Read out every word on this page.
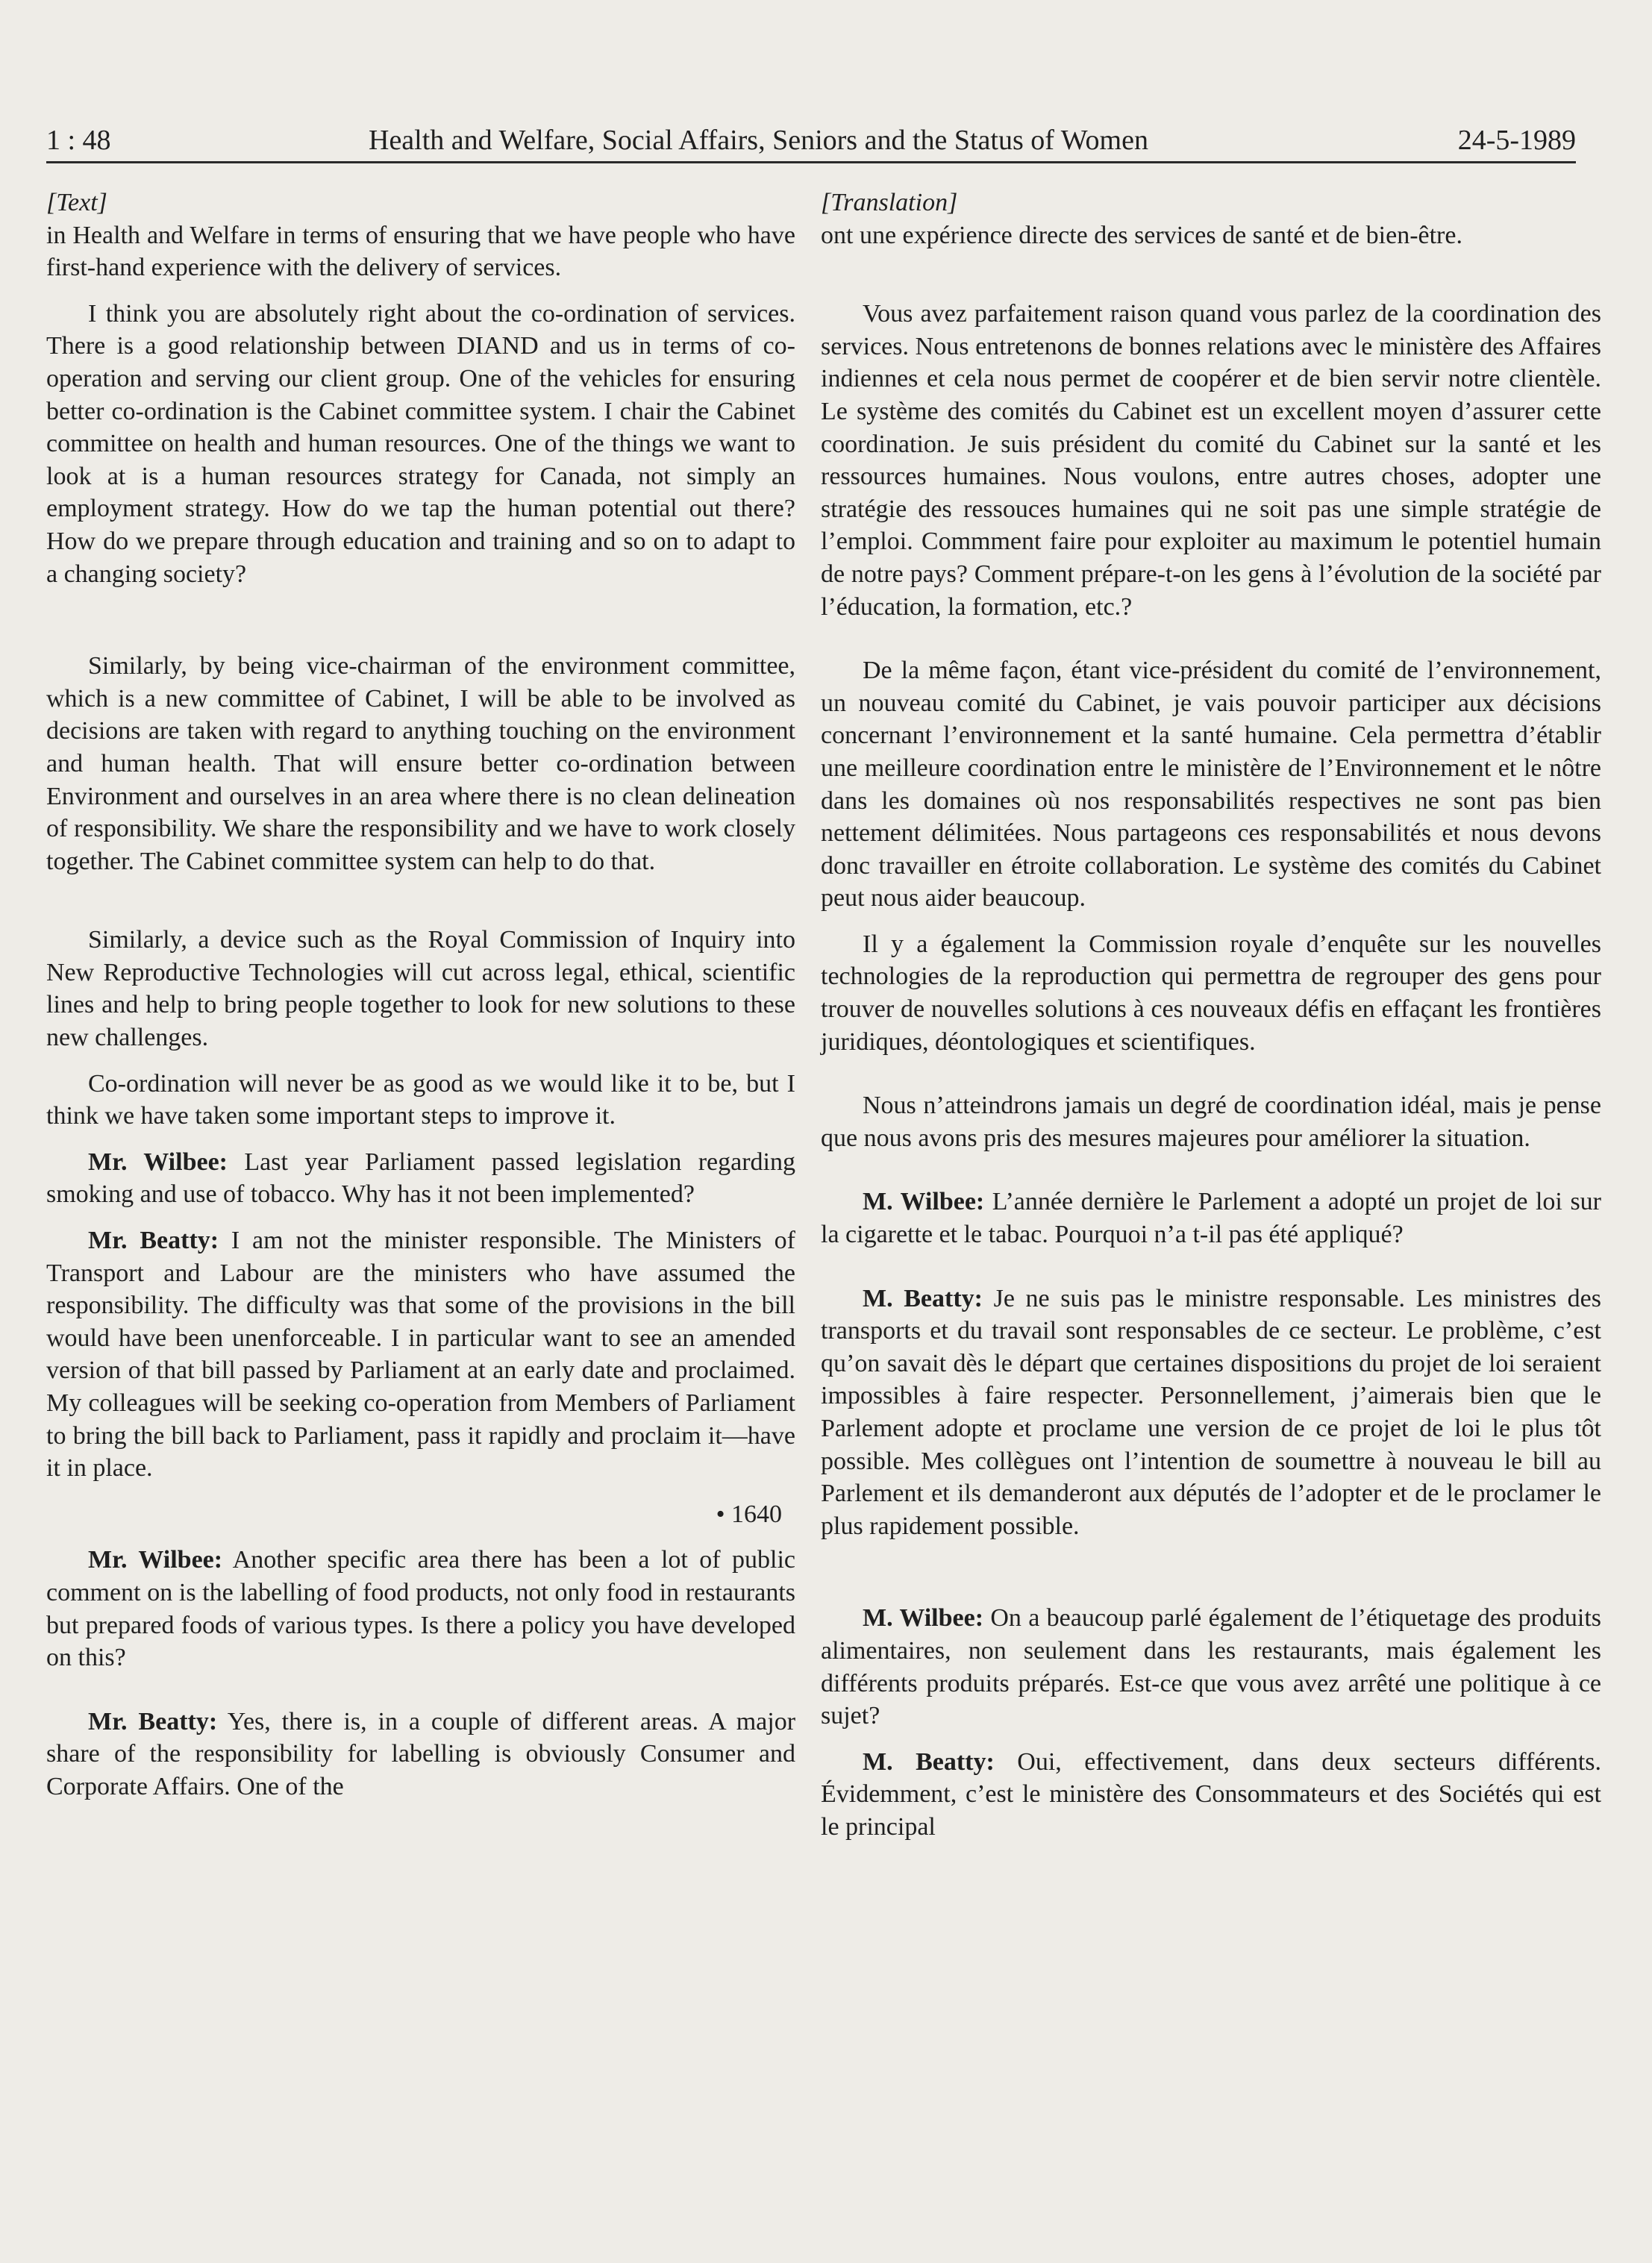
1 : 48	Health and Welfare, Social Affairs, Seniors and the Status of Women	24-5-1989

[Text]

in Health and Welfare in terms of ensuring that we have people who have first-hand experience with the delivery of services.

I think you are absolutely right about the co-ordination of services. There is a good relationship between DIAND and us in terms of co-operation and serving our client group. One of the vehicles for ensuring better co-ordination is the Cabinet committee system. I chair the Cabinet committee on health and human resources. One of the things we want to look at is a human resources strategy for Canada, not simply an employment strategy. How do we tap the human potential out there? How do we prepare through education and training and so on to adapt to a changing society?

Similarly, by being vice-chairman of the environment committee, which is a new committee of Cabinet, I will be able to be involved as decisions are taken with regard to anything touching on the environment and human health. That will ensure better co-ordination between Environment and ourselves in an area where there is no clean delineation of responsibility. We share the responsibility and we have to work closely together. The Cabinet committee system can help to do that.

Similarly, a device such as the Royal Commission of Inquiry into New Reproductive Technologies will cut across legal, ethical, scientific lines and help to bring people together to look for new solutions to these new challenges.

Co-ordination will never be as good as we would like it to be, but I think we have taken some important steps to improve it.

Mr. Wilbee: Last year Parliament passed legislation regarding smoking and use of tobacco. Why has it not been implemented?

Mr. Beatty: I am not the minister responsible. The Ministers of Transport and Labour are the ministers who have assumed the responsibility. The difficulty was that some of the provisions in the bill would have been unenforceable. I in particular want to see an amended version of that bill passed by Parliament at an early date and proclaimed. My colleagues will be seeking co-operation from Members of Parliament to bring the bill back to Parliament, pass it rapidly and proclaim it—have it in place.

• 1640

Mr. Wilbee: Another specific area there has been a lot of public comment on is the labelling of food products, not only food in restaurants but prepared foods of various types. Is there a policy you have developed on this?

Mr. Beatty: Yes, there is, in a couple of different areas. A major share of the responsibility for labelling is obviously Consumer and Corporate Affairs. One of the

[Translation]

ont une expérience directe des services de santé et de bien-être.

Vous avez parfaitement raison quand vous parlez de la coordination des services. Nous entretenons de bonnes relations avec le ministère des Affaires indiennes et cela nous permet de coopérer et de bien servir notre clientèle. Le système des comités du Cabinet est un excellent moyen d’assurer cette coordination. Je suis président du comité du Cabinet sur la santé et les ressources humaines. Nous voulons, entre autres choses, adopter une stratégie des ressouces humaines qui ne soit pas une simple stratégie de l’emploi. Commment faire pour exploiter au maximum le potentiel humain de notre pays? Comment prépare-t-on les gens à l’évolution de la société par l’éducation, la formation, etc.?

De la même façon, étant vice-président du comité de l’environnement, un nouveau comité du Cabinet, je vais pouvoir participer aux décisions concernant l’environnement et la santé humaine. Cela permettra d’établir une meilleure coordination entre le ministère de l’Environnement et le nôtre dans les domaines où nos responsabilités respectives ne sont pas bien nettement délimitées. Nous partageons ces responsabilités et nous devons donc travailler en étroite collaboration. Le système des comités du Cabinet peut nous aider beaucoup.

Il y a également la Commission royale d’enquête sur les nouvelles technologies de la reproduction qui permettra de regrouper des gens pour trouver de nouvelles solutions à ces nouveaux défis en effaçant les frontières juridiques, déontologiques et scientifiques.

Nous n’atteindrons jamais un degré de coordination idéal, mais je pense que nous avons pris des mesures majeures pour améliorer la situation.

M. Wilbee: L’année dernière le Parlement a adopté un projet de loi sur la cigarette et le tabac. Pourquoi n’a t-il pas été appliqué?

M. Beatty: Je ne suis pas le ministre responsable. Les ministres des transports et du travail sont responsables de ce secteur. Le problème, c’est qu’on savait dès le départ que certaines dispositions du projet de loi seraient impossibles à faire respecter. Personnellement, j’aimerais bien que le Parlement adopte et proclame une version de ce projet de loi le plus tôt possible. Mes collègues ont l’intention de soumettre à nouveau le bill au Parlement et ils demanderont aux députés de l’adopter et de le proclamer le plus rapidement possible.

M. Wilbee: On a beaucoup parlé également de l’étiquetage des produits alimentaires, non seulement dans les restaurants, mais également les différents produits préparés. Est-ce que vous avez arrêté une politique à ce sujet?

M. Beatty: Oui, effectivement, dans deux secteurs différents. Évidemment, c’est le ministère des Consommateurs et des Sociétés qui est le principal
